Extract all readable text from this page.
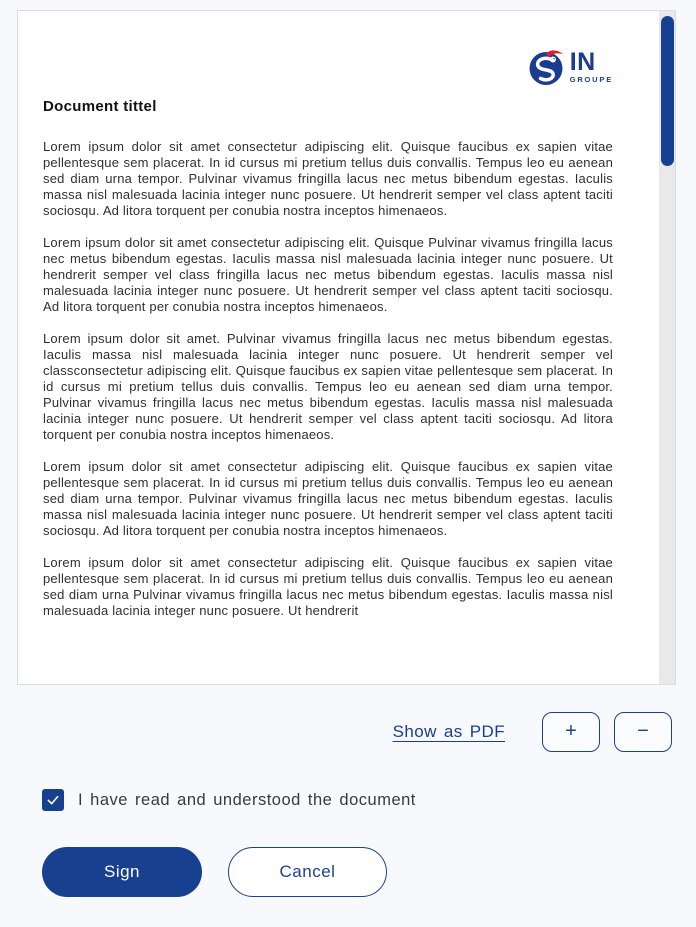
IN
GROUPE
Document tittel

Lorem ipsum dolor sit amet consectetur adipiscing elit. Quisque faucibus ex sapien vitae pellentesque sem placerat. In id cursus mi pretium tellus duis convallis. Tempus leo eu aenean sed diam urna tempor. Pulvinar vivamus fringilla lacus nec metus bibendum egestas. Iaculis massa nisl malesuada lacinia integer nunc posuere. Ut hendrerit semper vel class aptent taciti sociosqu. Ad litora torquent per conubia nostra inceptos himenaeos.

Lorem ipsum dolor sit amet consectetur adipiscing elit. Quisque Pulvinar vivamus fringilla lacus nec metus bibendum egestas. Iaculis massa nisl malesuada lacinia integer nunc posuere. Ut hendrerit semper vel class fringilla lacus nec metus bibendum egestas. Iaculis massa nisl malesuada lacinia integer nunc posuere. Ut hendrerit semper vel class aptent taciti sociosqu. Ad litora torquent per conubia nostra inceptos himenaeos.

Lorem ipsum dolor sit amet. Pulvinar vivamus fringilla lacus nec metus bibendum egestas. Iaculis massa nisl malesuada lacinia integer nunc posuere. Ut hendrerit semper vel classconsectetur adipiscing elit. Quisque faucibus ex sapien vitae pellentesque sem placerat. In id cursus mi pretium tellus duis convallis. Tempus leo eu aenean sed diam urna tempor. Pulvinar vivamus fringilla lacus nec metus bibendum egestas. Iaculis massa nisl malesuada lacinia integer nunc posuere. Ut hendrerit semper vel class aptent taciti sociosqu. Ad litora torquent per conubia nostra inceptos himenaeos.

Lorem ipsum dolor sit amet consectetur adipiscing elit. Quisque faucibus ex sapien vitae pellentesque sem placerat. In id cursus mi pretium tellus duis convallis. Tempus leo eu aenean sed diam urna tempor. Pulvinar vivamus fringilla lacus nec metus bibendum egestas. Iaculis massa nisl malesuada lacinia integer nunc posuere. Ut hendrerit semper vel class aptent taciti sociosqu. Ad litora torquent per conubia nostra inceptos himenaeos.

Lorem ipsum dolor sit amet consectetur adipiscing elit. Quisque faucibus ex sapien vitae pellentesque sem placerat. In id cursus mi pretium tellus duis convallis. Tempus leo eu aenean sed diam urna Pulvinar vivamus fringilla lacus nec metus bibendum egestas. Iaculis massa nisl malesuada lacinia integer nunc posuere. Ut hendrerit

Show as PDF	+	−
I have read and understood the document
Sign	Cancel
